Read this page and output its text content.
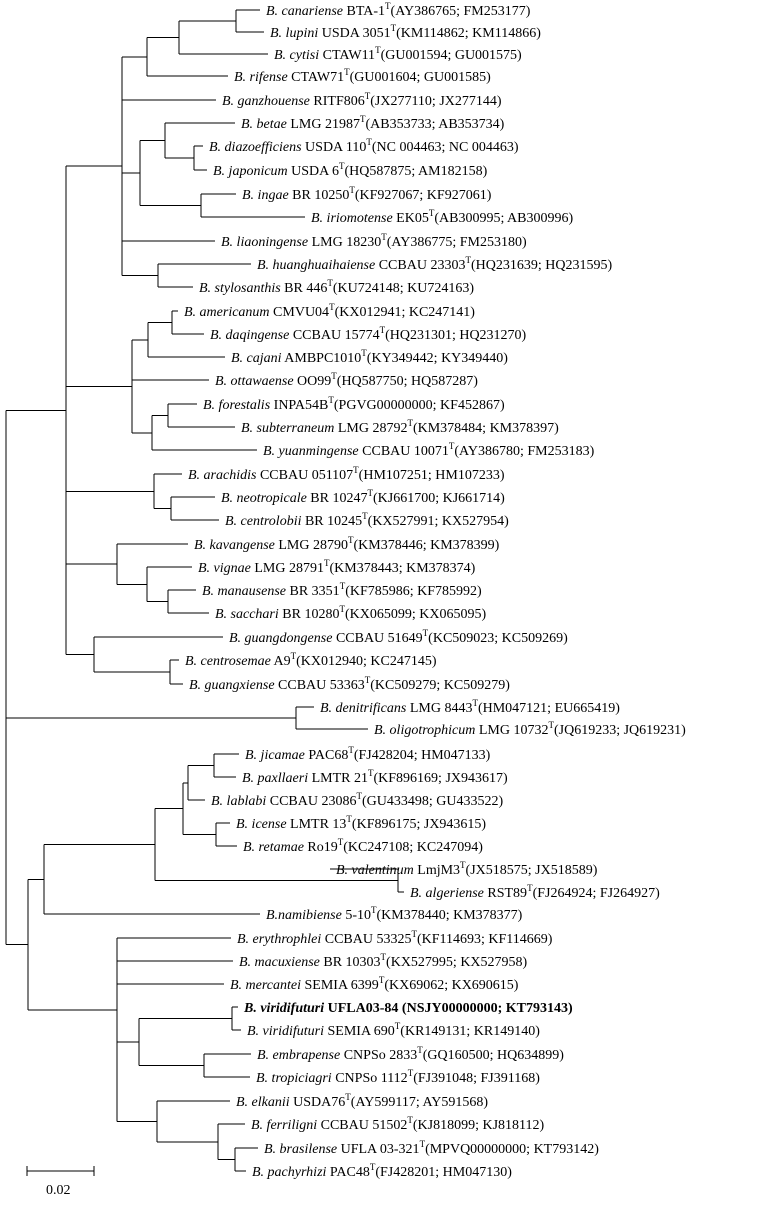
B. canariense BTA-$1^T(AY386765$; FM253177)
B. lupini USDA $3051^T(KM114862$; KM114866)
B. cytisi $CTAW11^T(GU001594$; GU001575)
B. rifense $CTAW71^T(GU001604$; GU001585)
B. ganzhouense $RITF806^T(JX277110$; JX277144)
B. betae LMG $21987^T(AB353733$; AB353734)
B. diazoefficiens USDA $110^T(NC$ 004463; NC 004463)
B. japonicum USDA $6^T(HQ587875$; AM182158)
B. ingae BR $10250^T(KF927067$; KF927061)
B. iriomotense $EK05^T(AB300995$; AB300996)
B. liaoningense LMG $18230^T(AY386775$; FM253180)
B. huanghuaihaiense CCBAU $23303^T(HQ231639$; HQ231595)
B. stylosanthis BR $446^T(KU724148$; KU724163)
B. americanum $CMVU04^T(KX012941$; KC247141)
B. daqingense CCBAU $15774^T(HQ231301$; HQ231270)
B. cajani $AMBPC1010^T(KY349442$; KY349440)
B. ottawaense $OO99^T(HQ587750$; HQ587287)
B. forestalis $INPA54B^T(PGVG00000000$; KF452867)
B. subterraneum LMG $28792^T(KM378484$; KM378397)
B. yuanmingense CCBAU $10071^T(AY386780$; FM253183)
B. arachidis CCBAU $051107^T(HM107251$; HM107233)
B. neotropicale BR $10247^T(KJ661700$; KJ661714)
B. centrolobii BR $10245^T(KX527991$; KX527954)
B. kavangense LMG $28790^T(KM378446$; KM378399)
B. vignae LMG $28791^T(KM378443$; KM378374)
B. manausense BR $3351^T(KF785986$; KF785992)
B. sacchari BR $10280^T(KX065099$; KX065095)
B. guangdongense CCBAU $51649^T(KC509023$; KC509269)
B. centrosemae $A9^T(KX012940$; KC247145)
B. guangxiense CCBAU $53363^T(KC509279$; KC509279)
B. denitrificans LMG $8443^T(HM047121$; EU665419)
B. oligotrophicum LMG $10732^T(JQ619233$; JQ619231)
B. jicamae $PAC68^T(FJ428204$; HM047133)
B. paxllaeri LMTR $21^T(KF896169$; JX943617)
B. lablabi CCBAU $23086^T(GU433498$; GU433522)
B. icense LMTR $13^T(KF896175$; JX943615)
B. retamae $Ro19^T(KC247108$; KC247094)
B. valentinum $LmjM3^T(JX518575$; JX518589)
B. algeriense $RST89^T(FJ264924$; FJ264927)
B.namibiense $5-10^T(KM378440$; KM378377)
B. erythrophlei CCBAU $53325^T(KF114693$; KF114669)
B. macuxiense BR $10303^T(KX527995$; KX527958)
B. mercantei SEMIA $6399^T(KX69062$; KX690615)
B. viridifuturi UFLA03-84 (NSJY00000000; KT793143)
B. viridifuturi SEMIA $690^T(KR149131$; KR149140)
B. embrapense CNPSo $2833^T(GQ160500$; HQ634899)
B. tropiciagri CNPSo $1112^T(FJ391048$; FJ391168)
B. elkanii $USDA76^T(AY599117$; AY591568)
B. ferriligni CCBAU $51502^T(KJ818099$; KJ818112)
B. brasilense UFLA $03-321^T(MPVQ00000000$; KT793142)
B. pachyrhizi $PAC48^T(FJ428201$; HM047130)
0.02
